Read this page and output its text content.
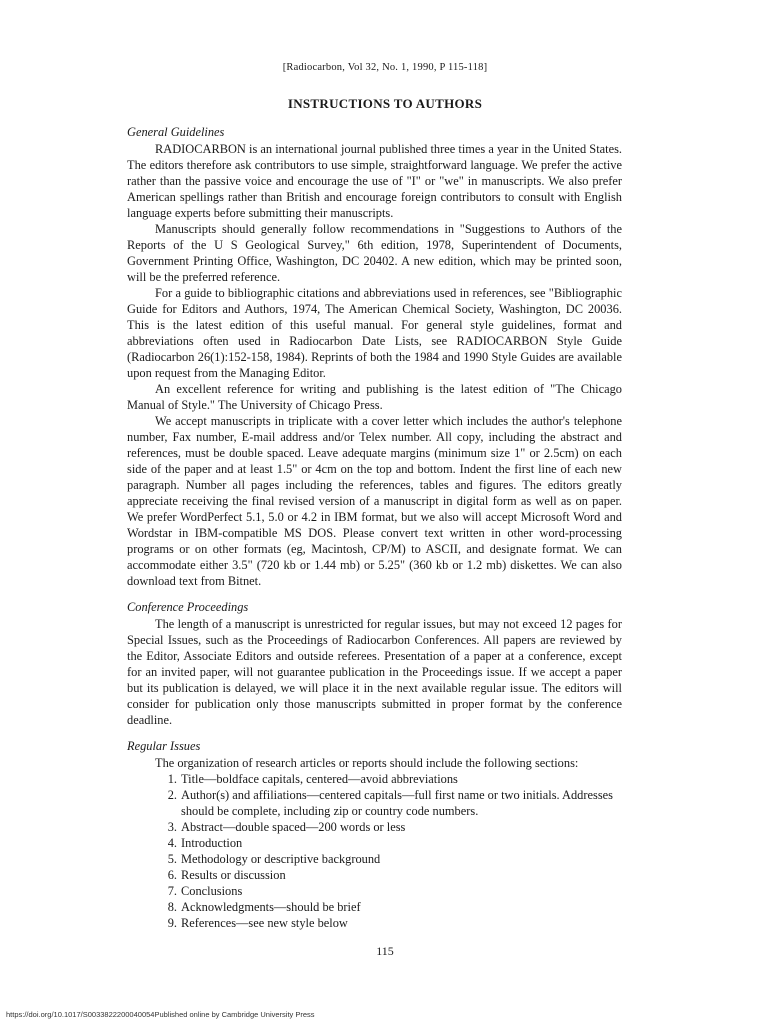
[Radiocarbon, Vol 32, No. 1, 1990, P 115-118]
INSTRUCTIONS TO AUTHORS
General Guidelines

RADIOCARBON is an international journal published three times a year in the United States. The editors therefore ask contributors to use simple, straightforward language. We prefer the active rather than the passive voice and encourage the use of "I" or "we" in manuscripts. We also prefer American spellings rather than British and encourage foreign contributors to consult with English language experts before submitting their manuscripts.

Manuscripts should generally follow recommendations in "Suggestions to Authors of the Reports of the U S Geological Survey," 6th edition, 1978, Superintendent of Documents, Government Printing Office, Washington, DC 20402. A new edition, which may be printed soon, will be the preferred reference.

For a guide to bibliographic citations and abbreviations used in references, see "Bibliographic Guide for Editors and Authors, 1974, The American Chemical Society, Washington, DC 20036. This is the latest edition of this useful manual. For general style guidelines, format and abbreviations often used in Radiocarbon Date Lists, see RADIOCARBON Style Guide (Radiocarbon 26(1):152-158, 1984). Reprints of both the 1984 and 1990 Style Guides are available upon request from the Managing Editor.

An excellent reference for writing and publishing is the latest edition of "The Chicago Manual of Style." The University of Chicago Press.

We accept manuscripts in triplicate with a cover letter which includes the author's telephone number, Fax number, E-mail address and/or Telex number. All copy, including the abstract and references, must be double spaced. Leave adequate margins (minimum size 1" or 2.5cm) on each side of the paper and at least 1.5" or 4cm on the top and bottom. Indent the first line of each new paragraph. Number all pages including the references, tables and figures. The editors greatly appreciate receiving the final revised version of a manuscript in digital form as well as on paper. We prefer WordPerfect 5.1, 5.0 or 4.2 in IBM format, but we also will accept Microsoft Word and Wordstar in IBM-compatible MS DOS. Please convert text written in other word-processing programs or on other formats (eg, Macintosh, CP/M) to ASCII, and designate format. We can accommodate either 3.5" (720 kb or 1.44 mb) or 5.25" (360 kb or 1.2 mb) diskettes. We can also download text from Bitnet.

Conference Proceedings

The length of a manuscript is unrestricted for regular issues, but may not exceed 12 pages for Special Issues, such as the Proceedings of Radiocarbon Conferences. All papers are reviewed by the Editor, Associate Editors and outside referees. Presentation of a paper at a conference, except for an invited paper, will not guarantee publication in the Proceedings issue. If we accept a paper but its publication is delayed, we will place it in the next available regular issue. The editors will consider for publication only those manuscripts submitted in proper format by the conference deadline.

Regular Issues

The organization of research articles or reports should include the following sections:

1. Title—boldface capitals, centered—avoid abbreviations
2. Author(s) and affiliations—centered capitals—full first name or two initials. Addresses should be complete, including zip or country code numbers.
3. Abstract—double spaced—200 words or less
4. Introduction
5. Methodology or descriptive background
6. Results or discussion
7. Conclusions
8. Acknowledgments—should be brief
9. References—see new style below
115
https://doi.org/10.1017/S0033822200040054Published online by Cambridge University Press
